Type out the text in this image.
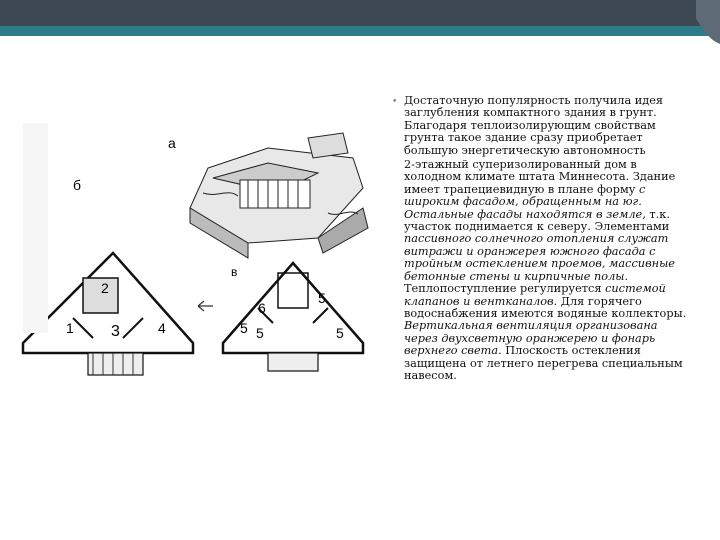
а
б
в
1
2
3	4	5
6
5
5	5
• Достаточную популярность получила идея заглубления компактного здания в грунт. Благодаря теплоизолирующим свойствам грунта такое здание сразу приобретает большую энергетическую автономность
2-этажный суперизолированный дом в холодном климате штата Миннесота. Здание имеет трапециевидную в плане форму с широким фасадом, обращенным на юг. Остальные фасады находятся в земле, т.к. участок поднимается к северу. Элементами пассивного солнечного отопления служат витражи и оранжерея южного фасада с тройным остеклением проемов, массивные бетонные стены и кирпичные полы. Теплопоступление регулируется системой клапанов и вентканалов. Для горячего водоснабжения имеются водяные коллекторы. Вертикальная вентиляция организована через двухсветную оранжерею и фонарь верхнего света. Плоскость остекления защищена от летнего перегрева специальным навесом.
